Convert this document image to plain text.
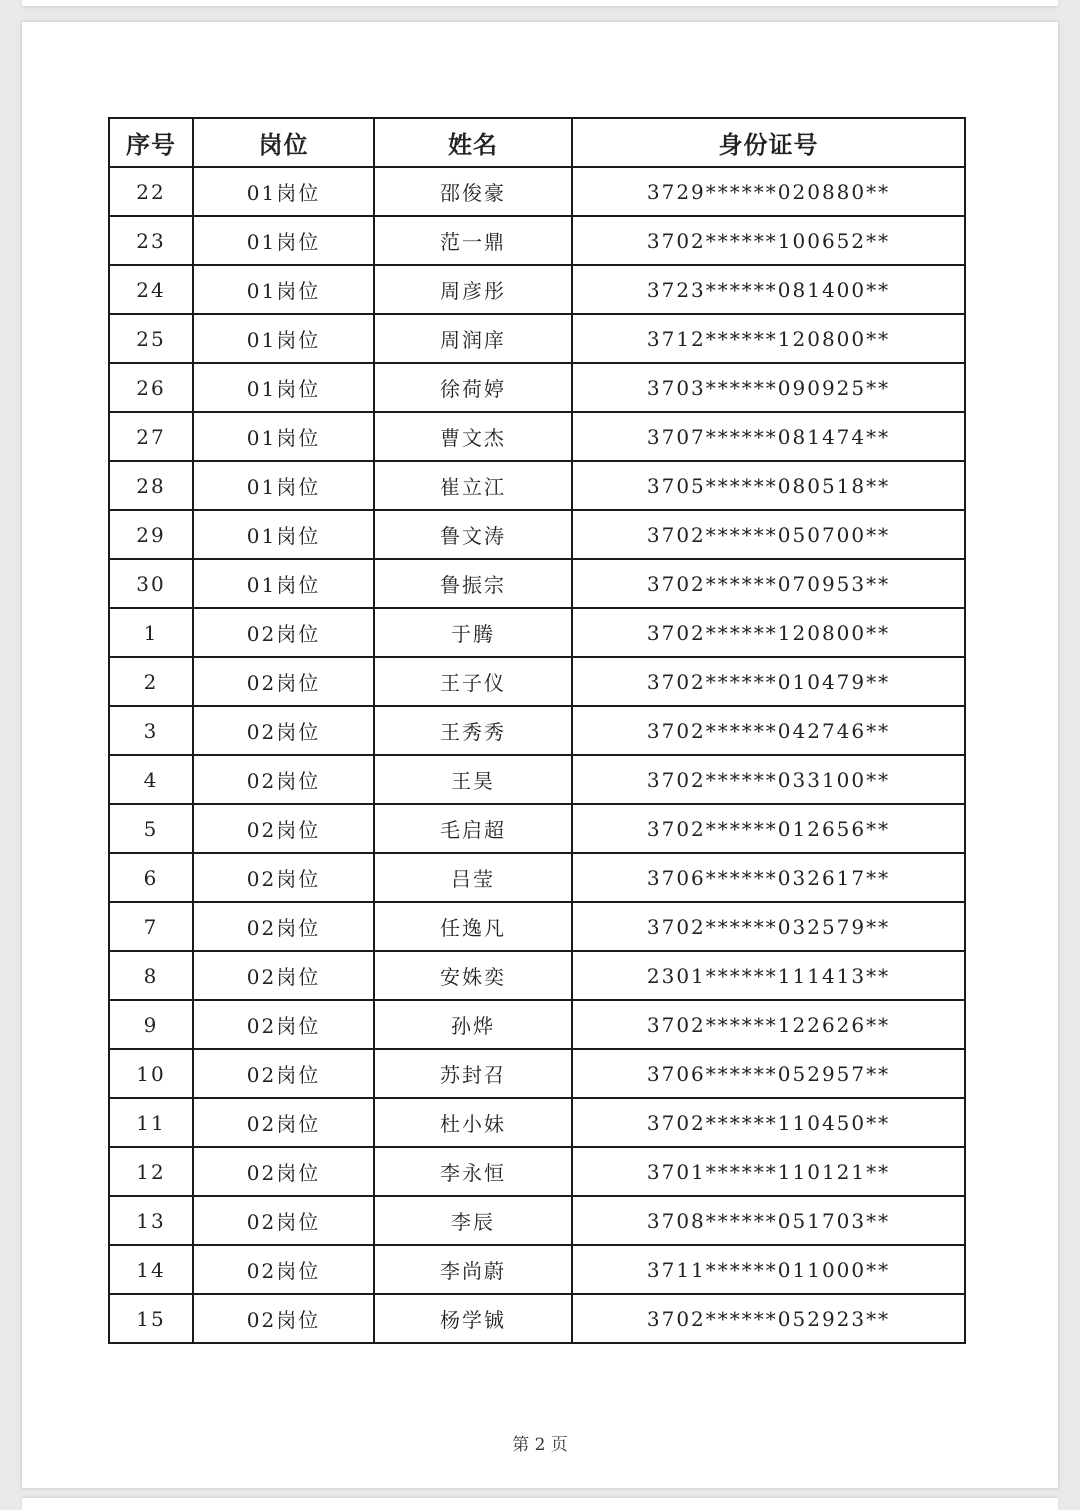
序号	岗位	姓名	身份证号
22	01岗位	邵俊豪	3729******020880**
23	01岗位	范一鼎	3702******100652**
24	01岗位	周彦彤	3723******081400**
25	01岗位	周润庠	3712******120800**
26	01岗位	徐荷婷	3703******090925**
27	01岗位	曹文杰	3707******081474**
28	01岗位	崔立江	3705******080518**
29	01岗位	鲁文涛	3702******050700**
30	01岗位	鲁振宗	3702******070953**
1	02岗位	于腾	3702******120800**
2	02岗位	王子仪	3702******010479**
3	02岗位	王秀秀	3702******042746**
4	02岗位	王昊	3702******033100**
5	02岗位	毛启超	3702******012656**
6	02岗位	吕莹	3706******032617**
7	02岗位	任逸凡	3702******032579**
8	02岗位	安姝奕	2301******111413**
9	02岗位	孙烨	3702******122626**
10	02岗位	苏封召	3706******052957**
11	02岗位	杜小妹	3702******110450**
12	02岗位	李永恒	3701******110121**
13	02岗位	李辰	3708******051703**
14	02岗位	李尚蔚	3711******011000**
15	02岗位	杨学铖	3702******052923**
第 2 页
